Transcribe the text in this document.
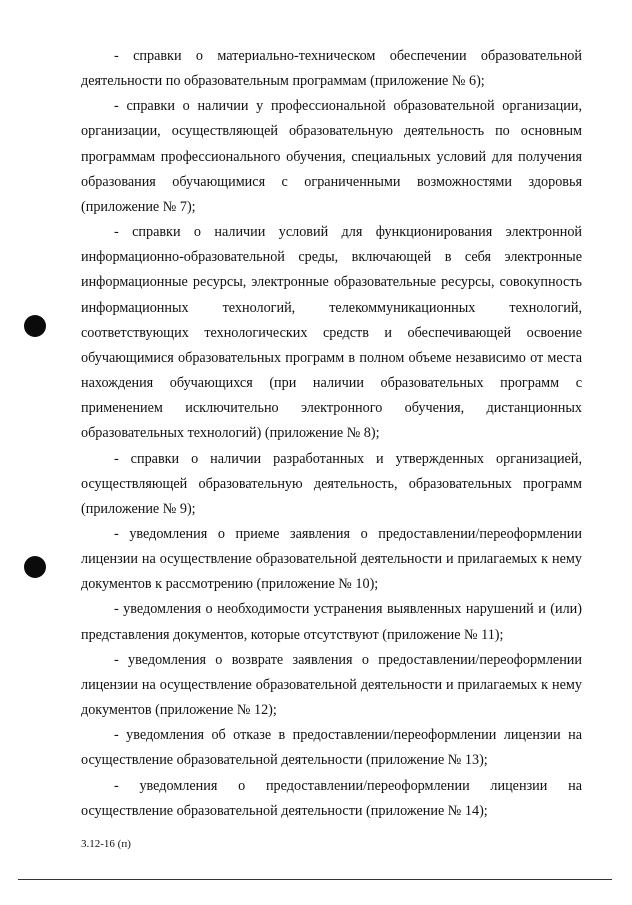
- справки о материально-техническом обеспечении образовательной деятельности по образовательным программам (приложение № 6);

- справки о наличии у профессиональной образовательной организации, организации, осуществляющей образовательную деятельность по основным программам профессионального обучения, специальных условий для получения образования обучающимися с ограниченными возможностями здоровья (приложение № 7);

- справки о наличии условий для функционирования электронной информационно-образовательной среды, включающей в себя электронные информационные ресурсы, электронные образовательные ресурсы, совокупность информационных технологий, телекоммуникационных технологий, соответствующих технологических средств и обеспечивающей освоение обучающимися образовательных программ в полном объеме независимо от места нахождения обучающихся (при наличии образовательных программ с применением исключительно электронного обучения, дистанционных образовательных технологий) (приложение № 8);

- справки о наличии разработанных и утвержденных организацией, осуществляющей образовательную деятельность, образовательных программ (приложение № 9);

- уведомления о приеме заявления о предоставлении/переоформлении лицензии на осуществление образовательной деятельности и прилагаемых к нему документов к рассмотрению (приложение № 10);

- уведомления о необходимости устранения выявленных нарушений и (или) представления документов, которые отсутствуют (приложение № 11);

- уведомления о возврате заявления о предоставлении/переоформлении лицензии на осуществление образовательной деятельности и прилагаемых к нему документов (приложение № 12);

- уведомления об отказе в предоставлении/переоформлении лицензии на осуществление образовательной деятельности (приложение № 13);

- уведомления о предоставлении/переоформлении лицензии на осуществление образовательной деятельности (приложение № 14);

3.12-16 (п)
